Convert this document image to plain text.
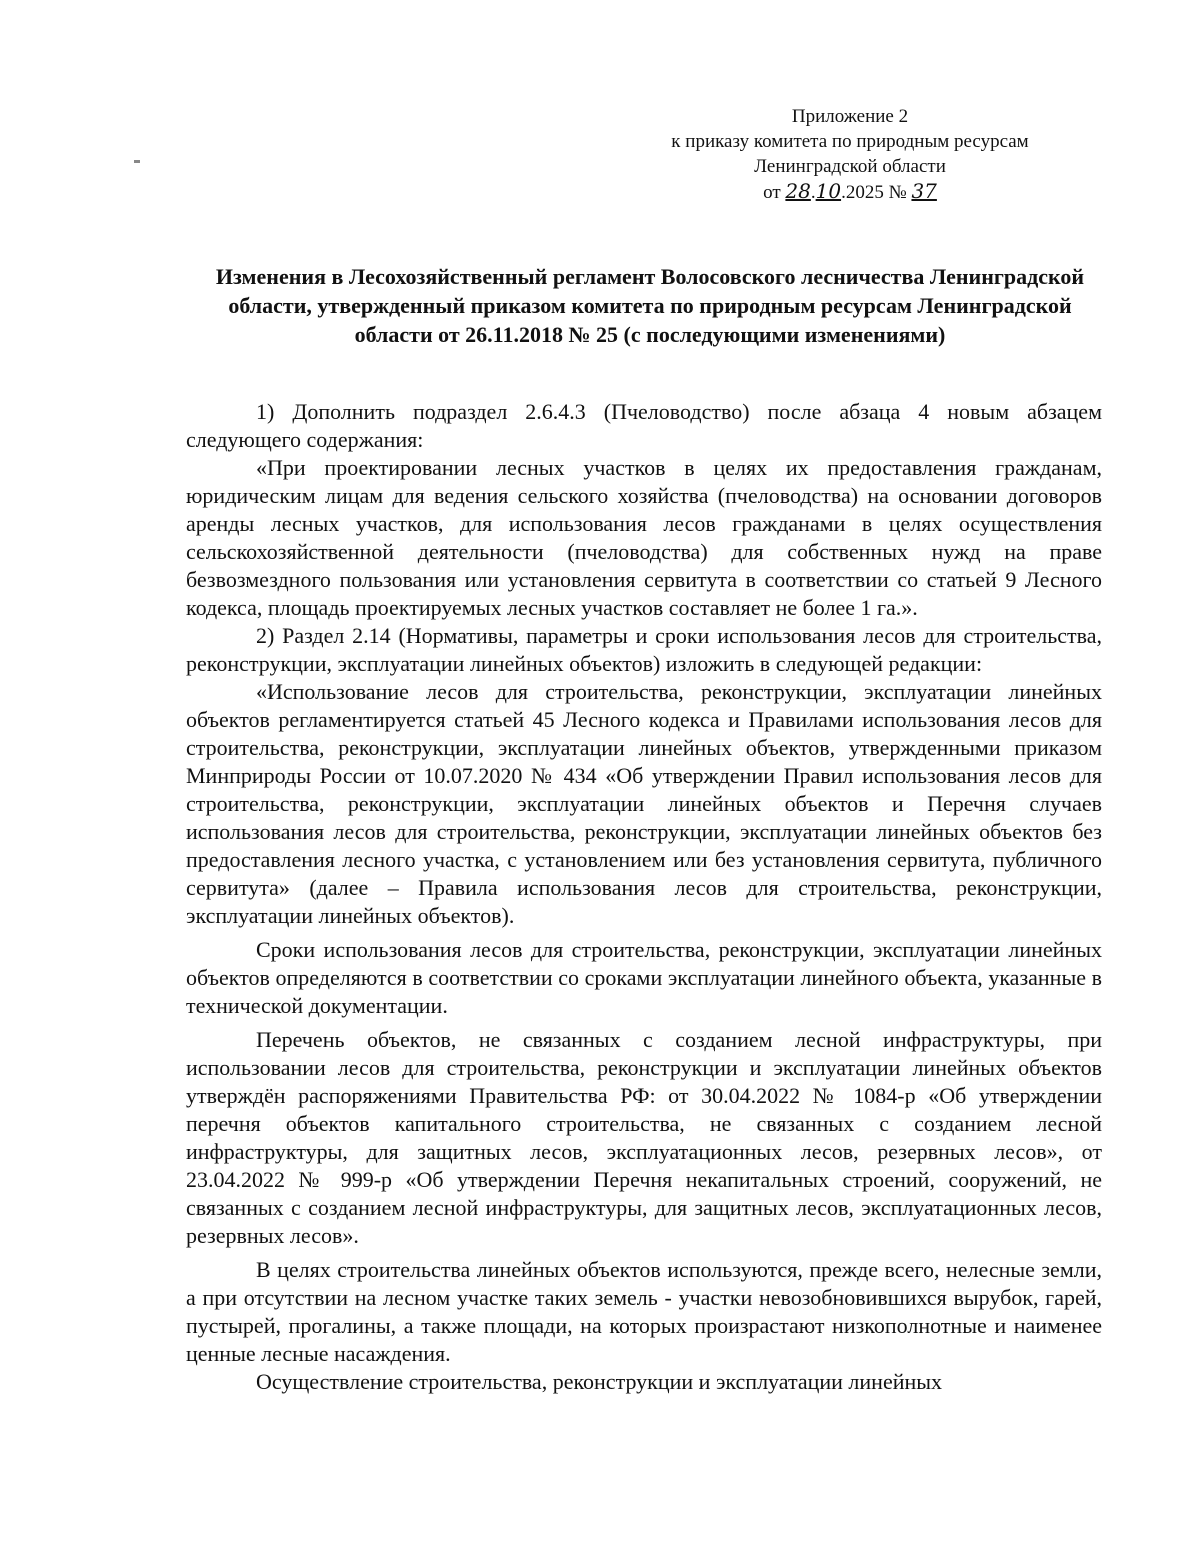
Приложение 2
к приказу комитета по природным ресурсам
Ленинградской области
от 28.10.2025 № 37
Изменения в Лесохозяйственный регламент Волосовского лесничества Ленинградской области, утвержденный приказом комитета по природным ресурсам Ленинградской области от 26.11.2018 № 25 (с последующими изменениями)

1) Дополнить подраздел 2.6.4.3 (Пчеловодство) после абзаца 4 новым абзацем следующего содержания:

«При проектировании лесных участков в целях их предоставления гражданам, юридическим лицам для ведения сельского хозяйства (пчеловодства) на основании договоров аренды лесных участков, для использования лесов гражданами в целях осуществления сельскохозяйственной деятельности (пчеловодства) для собственных нужд на праве безвозмездного пользования или установления сервитута в соответствии со статьей 9 Лесного кодекса, площадь проектируемых лесных участков составляет не более 1 га.».

2) Раздел 2.14 (Нормативы, параметры и сроки использования лесов для строительства, реконструкции, эксплуатации линейных объектов) изложить в следующей редакции:

«Использование лесов для строительства, реконструкции, эксплуатации линейных объектов регламентируется статьей 45 Лесного кодекса и Правилами использования лесов для строительства, реконструкции, эксплуатации линейных объектов, утвержденными приказом Минприроды России от 10.07.2020 № 434 «Об утверждении Правил использования лесов для строительства, реконструкции, эксплуатации линейных объектов и Перечня случаев использования лесов для строительства, реконструкции, эксплуатации линейных объектов без предоставления лесного участка, с установлением или без установления сервитута, публичного сервитута» (далее – Правила использования лесов для строительства, реконструкции, эксплуатации линейных объектов).

Сроки использования лесов для строительства, реконструкции, эксплуатации линейных объектов определяются в соответствии со сроками эксплуатации линейного объекта, указанные в технической документации.

Перечень объектов, не связанных с созданием лесной инфраструктуры, при использовании лесов для строительства, реконструкции и эксплуатации линейных объектов утверждён распоряжениями Правительства РФ: от 30.04.2022 № 1084-р «Об утверждении перечня объектов капитального строительства, не связанных с созданием лесной инфраструктуры, для защитных лесов, эксплуатационных лесов, резервных лесов», от 23.04.2022 № 999-р «Об утверждении Перечня некапитальных строений, сооружений, не связанных с созданием лесной инфраструктуры, для защитных лесов, эксплуатационных лесов, резервных лесов».

В целях строительства линейных объектов используются, прежде всего, нелесные земли, а при отсутствии на лесном участке таких земель - участки невозобновившихся вырубок, гарей, пустырей, прогалины, а также площади, на которых произрастают низкополнотные и наименее ценные лесные насаждения.

Осуществление строительства, реконструкции и эксплуатации линейных
